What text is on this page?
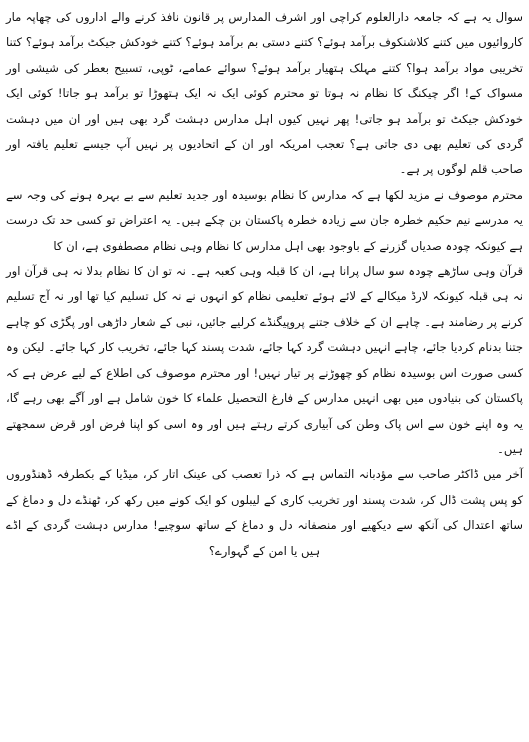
سوال یہ ہے کہ جامعہ دارالعلوم کراچی اور اشرف المدارس پر قانون نافذ کرنے والے اداروں کی چھاپہ مار کاروائیوں میں کتنے کلاشنکوف برآمد ہوئے؟ کتنے دستی بم برآمد ہوئے؟ کتنے خودکش جیکٹ برآمد ہوئے؟ کتنا تخریبی مواد برآمد ہوا؟ کتنے مہلک ہتھیار برآمد ہوئے؟ سوائے عمامے، ٹوپی، تسبیح بعطر کی شیشی اور مسواک کے! اگر چیکنگ کا نظام نہ ہوتا تو محترم کوئی ایک نہ ایک ہتھوڑا تو برآمد ہو جاتا! کوئی ایک خودکش جیکٹ تو برآمد ہو جاتی! پھر نہیں کیوں اہل مدارس دہشت گرد بھی ہیں اور ان میں دہشت گردی کی تعلیم بھی دی جاتی ہے؟ تعجب امریکہ اور ان کے اتحادیوں پر نہیں آپ جیسے تعلیم یافتہ اور صاحب قلم لوگوں پر ہے۔

محترم موصوف نے مزید لکھا ہے کہ مدارس کا نظام بوسیدہ اور جدید تعلیم سے بے بہرہ ہونے کی وجہ سے یہ مدرسے نیم حکیم خطرہ جان سے زیادہ خطرہ پاکستان بن چکے ہیں۔ یہ اعتراض تو کسی حد تک درست ہے کیونکہ چودہ صدیاں گزرنے کے باوجود بھی اہل مدارس کا نظام وہی نظام مصطفوی ہے، ان کا

قرآن وہی ساڑھے چودہ سو سال پرانا ہے، ان کا قبلہ وہی کعبہ ہے۔ نہ تو ان کا نظام بدلا نہ ہی قرآن اور نہ ہی قبلہ کیونکہ لارڈ میکالے کے لائے ہوئے تعلیمی نظام کو انہوں نے نہ کل تسلیم کیا تھا اور نہ آج تسلیم کرنے پر رضامند ہے۔ چاہے ان کے خلاف جتنے پروپیگنڈے کرلیے جائیں، نبی کے شعار داڑھی اور پگڑی کو چاہے جتنا بدنام کردیا جائے، چاہے انہیں دہشت گرد کہا جائے، شدت پسند کہا جائے، تخریب کار کہا جائے۔ لیکن وہ کسی صورت اس بوسیدہ نظام کو چھوڑنے پر تیار نہیں! اور محترم موصوف کی اطلاع کے لیے عرض ہے کہ پاکستان کی بنیادوں میں بھی انہیں مدارس کے فارغ التحصیل علماء کا خون شامل ہے اور آگے بھی رہے گا، یہ وہ اپنے خون سے اس پاک وطن کی آبیاری کرتے رہتے ہیں اور وہ اسی کو اپنا فرض اور قرض سمجھتے ہیں۔

آخر میں ڈاکٹر صاحب سے مؤدبانہ التماس ہے کہ ذرا تعصب کی عینک اتار کر، میڈیا کے بکطرفہ ڈھنڈوروں کو پس پشت ڈال کر، شدت پسند اور تخریب کاری کے لیبلوں کو ایک کونے میں رکھ کر، ٹھنڈے دل و دماغ کے ساتھ اعتدال کی آنکھ سے دیکھیے اور منصفانہ دل و دماغ کے ساتھ سوچیے! مدارس دہشت گردی کے اڈے ہیں یا امن کے گہوارے؟
